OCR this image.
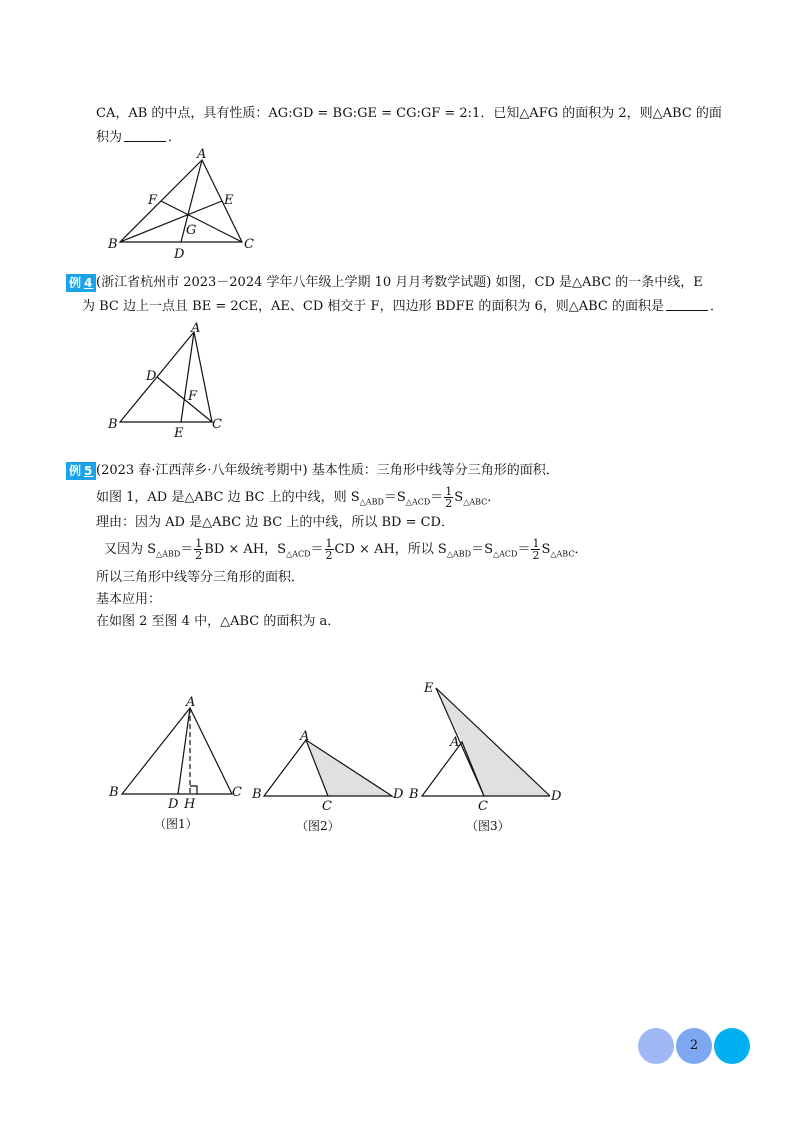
CA，AB 的中点，具有性质：AG:GD = BG:GE = CG:GF = 2:1．已知△AFG 的面积为 2，则△ABC 的面
积为	．
A
B	C
D
E
F
G
例 4 (浙江省杭州市 2023－2024 学年八年级上学期 10 月月考数学试题) 如图，CD 是△ABC 的一条中线，E
为 BC 边上一点且 BE = 2CE，AE、CD 相交于 F，四边形 BDFE 的面积为 6，则△ABC 的面积是	．
A
B	C
D
E
F
例 5 (2023 春·江西萍乡·八年级统考期中) 基本性质：三角形中线等分三角形的面积．
如图 1，AD 是△ABC 边 BC 上的中线，则 $S_{\triangle ABD}=S_{\triangle ACD}= \frac{1}{2} S_{\triangle ABC}$．
理由：因为 AD 是△ABC 边 BC 上的中线，所以 BD = CD．
又因为 $S_{\triangle ABD}= \frac{1}{2}$ BD × AH，$S_{\triangle ACD}= \frac{1}{2}$ CD × AH，所以 $S_{\triangle ABD}=S_{\triangle ACD}= \frac{1}{2} S_{\triangle ABC}$．
所以三角形中线等分三角形的面积．
基本应用：
在如图 2 至图 4 中，△ABC 的面积为 a．
A
B	C
D H
（图1）
A
B
C
D
（图2）
E
A
B
C
D
（图3）
2
